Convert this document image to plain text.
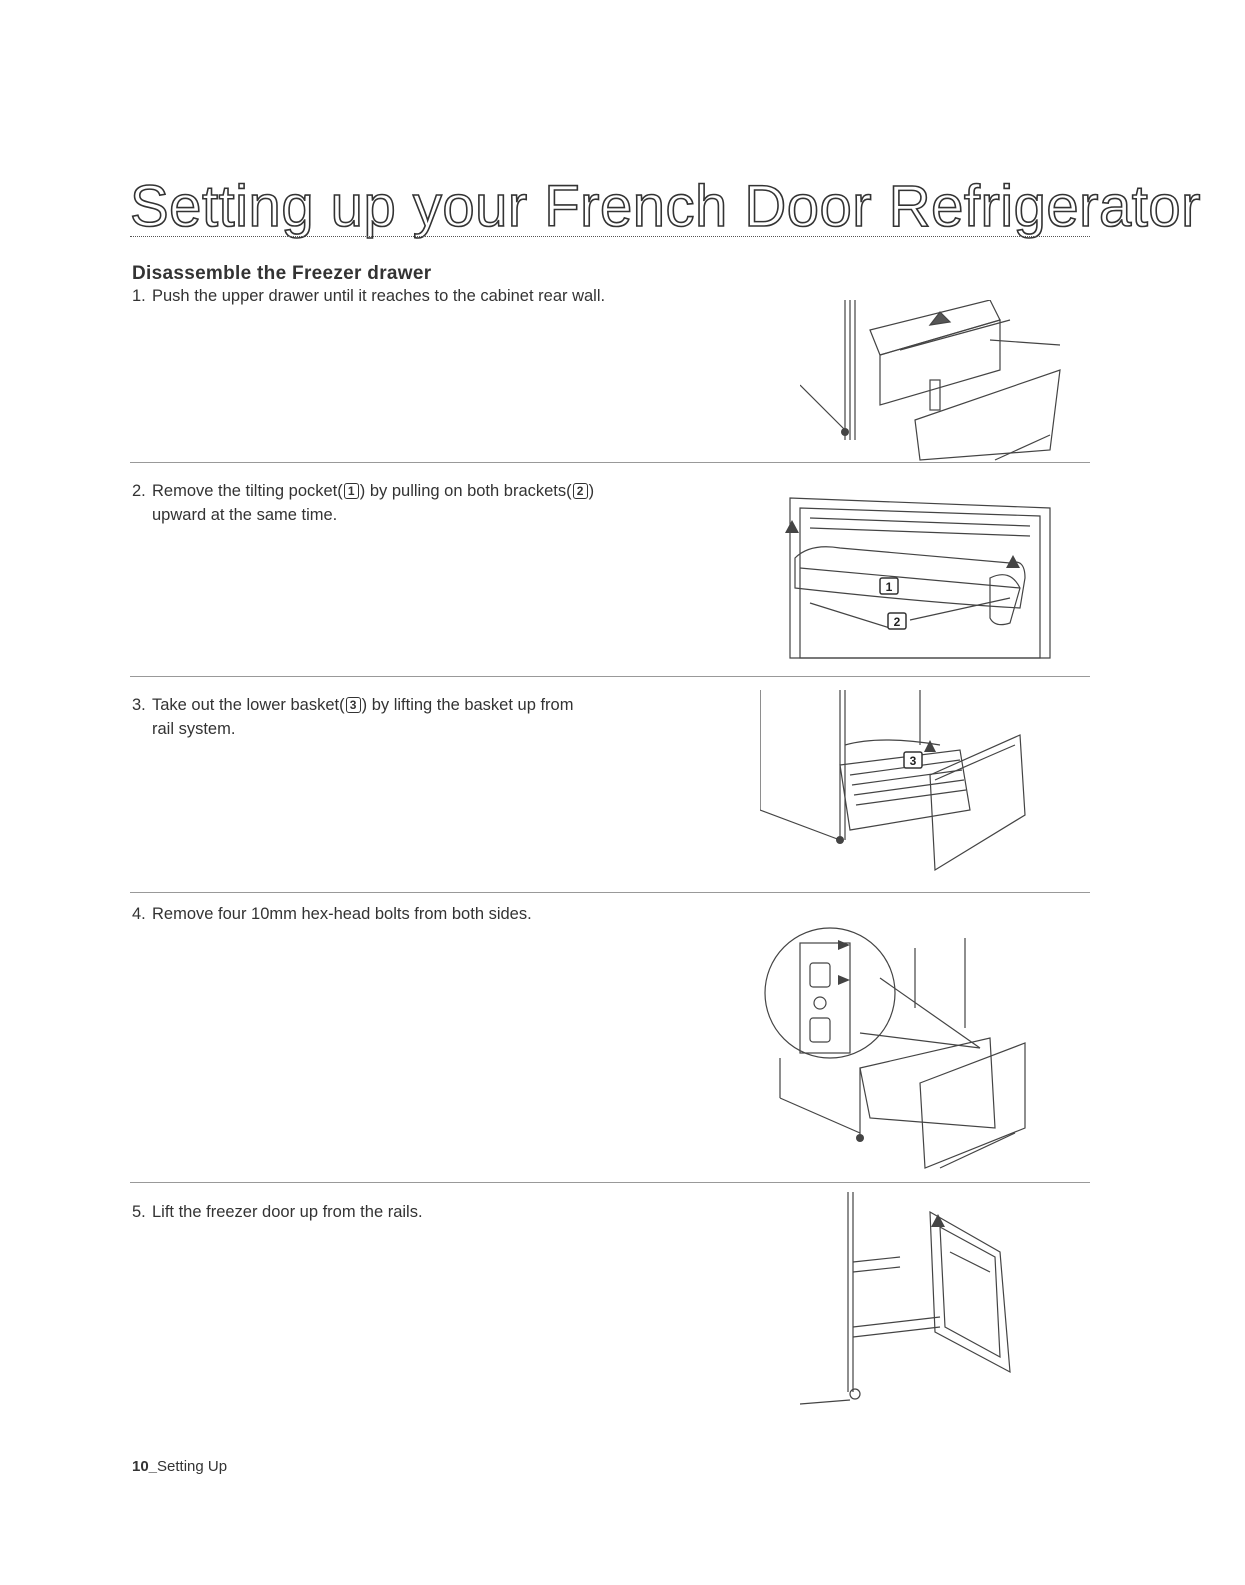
Setting up your French Door Refrigerator
Disassemble the Freezer drawer
1. Push the upper drawer until it reaches to the cabinet rear wall.
2. Remove the tilting pocket( 1 ) by pulling on both brackets( 2 )
upward at the same time.
1
2
3. Take out the lower basket( 3 ) by lifting the basket up from
rail system.
3
4. Remove four 10mm hex-head bolts from both sides.
5. Lift the freezer door up from the rails.
10_Setting Up
